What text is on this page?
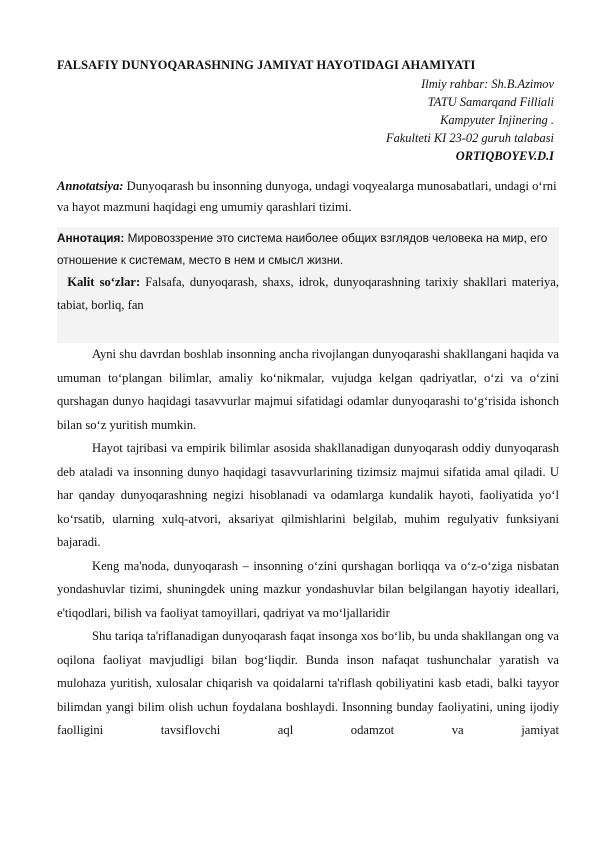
FALSAFIY DUNYOQARASHNING JAMIYAT HAYOTIDAGI AHAMIYATI
Ilmiy rahbar: Sh.B.Azimov
TATU Samarqand Filliali
Kampyuter Injinering .
Fakulteti KI 23-02 guruh talabasi
ORTIQBOYEV.D.I
Annotatsiya: Dunyoqarash bu insonning dunyoga, undagi voqyealarga munosabatlari, undagi o‘rni va hayot mazmuni haqidagi eng umumiy qarashlari tizimi.
Аннотация: Мировоззрение это система наиболее общих взглядов человека на мир, его отношение к системам, место в нем и смысл жизни.
Kalit so‘zlar: Falsafa, dunyoqarash, shaxs, idrok, dunyoqarashning tarixiy shakllari materiya, tabiat, borliq, fan

Ayni shu davrdan boshlab insonning ancha rivojlangan dunyoqarashi shakllangani haqida va umuman to‘plangan bilimlar, amaliy ko‘nikmalar, vujudga kelgan qadriyatlar, o‘zi va o‘zini qurshagan dunyo haqidagi tasavvurlar majmui sifatidagi odamlar dunyoqarashi to‘g‘risida ishonch bilan so‘z yuritish mumkin.

Hayot tajribasi va empirik bilimlar asosida shakllanadigan dunyoqarash oddiy dunyoqarash deb ataladi va insonning dunyo haqidagi tasavvurlarining tizimsiz majmui sifatida amal qiladi. U har qanday dunyoqarashning negizi hisoblanadi va odamlarga kundalik hayoti, faoliyatida yo‘l ko‘rsatib, ularning xulq-atvori, aksariyat qilmishlarini belgilab, muhim regulyativ funksiyani bajaradi.

Keng ma'noda, dunyoqarash – insonning o‘zini qurshagan borliqqa va o‘z-o‘ziga nisbatan yondashuvlar tizimi, shuningdek uning mazkur yondashuvlar bilan belgilangan hayotiy ideallari, e'tiqodlari, bilish va faoliyat tamoyillari, qadriyat va mo‘ljallaridir

Shu tariqa ta'riflanadigan dunyoqarash faqat insonga xos bo‘lib, bu unda shakllangan ong va oqilona faoliyat mavjudligi bilan bog‘liqdir. Bunda inson nafaqat tushunchalar yaratish va mulohaza yuritish, xulosalar chiqarish va qoidalarni ta'riflash qobiliyatini kasb etadi, balki tayyor bilimdan yangi bilim olish uchun foydalana boshlaydi. Insonning bunday faoliyatini, uning ijodiy faolligini tavsiflovchi aql odamzot va jamiyat
